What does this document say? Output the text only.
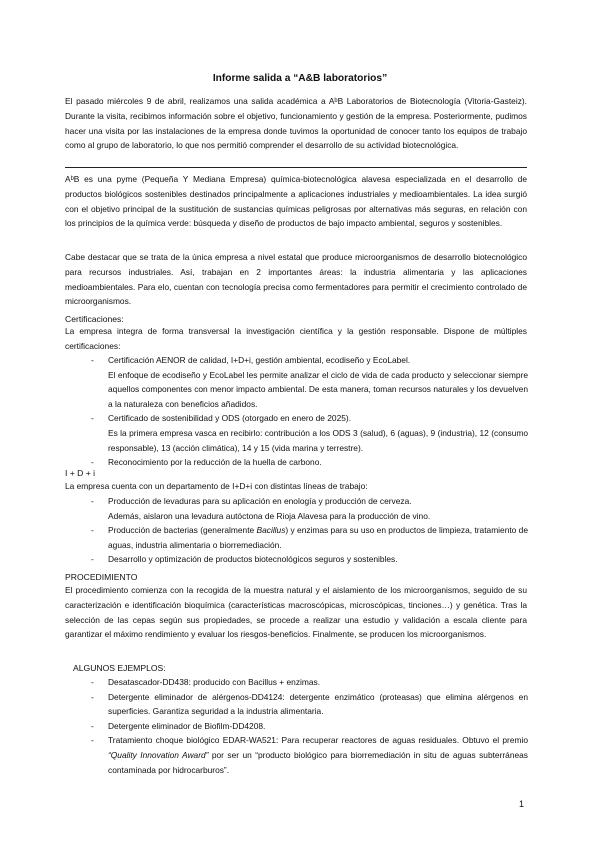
Informe salida a “A&B laboratorios”

El pasado miércoles 9 de abril, realizamos una salida académica a AᵇB Laboratorios de Biotecnología (Vitoria-Gasteiz). Durante la visita, recibimos información sobre el objetivo, funcionamiento y gestión de la empresa. Posteriormente, pudimos hacer una visita por las instalaciones de la empresa donde tuvimos la oportunidad de conocer tanto los equipos de trabajo como al grupo de laboratorio, lo que nos permitió comprender el desarrollo de su actividad biotecnológica.

AᵇB es una pyme (Pequeña Y Mediana Empresa) química-biotecnológica alavesa especializada en el desarrollo de productos biológicos sostenibles destinados principalmente a aplicaciones industriales y medioambientales. La idea surgió con el objetivo principal de la sustitución de sustancias químicas peligrosas por alternativas más seguras, en relación con los principios de la química verde: búsqueda y diseño de productos de bajo impacto ambiental, seguros y sostenibles.

Cabe destacar que se trata de la única empresa a nivel estatal que produce microorganismos de desarrollo biotecnológico para recursos industriales. Así, trabajan en 2 importantes áreas: la industria alimentaria y las aplicaciones medioambientales. Para elo, cuentan con tecnología precisa como fermentadores para permitir el crecimiento controlado de microorganismos.

Certificaciones:

La empresa integra de forma transversal la investigación científica y la gestión responsable. Dispone de múltiples certificaciones:

- Certificación AENOR de calidad, I+D+i, gestión ambiental, ecodiseño y EcoLabel.
El enfoque de ecodiseño y EcoLabel les permite analizar el ciclo de vida de cada producto y seleccionar siempre aquellos componentes con menor impacto ambiental. De esta manera, toman recursos naturales y los devuelven a la naturaleza con beneficios añadidos.
- Certificado de sostenibilidad y ODS (otorgado en enero de 2025).
Es la primera empresa vasca en recibirlo: contribución a los ODS 3 (salud), 6 (aguas), 9 (industria), 12 (consumo responsable), 13 (acción climática), 14 y 15 (vida marina y terrestre).
- Reconocimiento por la reducción de la huella de carbono.

I + D + i

La empresa cuenta con un departamento de I+D+i con distintas líneas de trabajo:

- Producción de levaduras para su aplicación en enología y producción de cerveza.
Además, aislaron una levadura autóctona de Rioja Alavesa para la producción de vino.
- Producción de bacterias (generalmente Bacillus) y enzimas para su uso en productos de limpieza, tratamiento de aguas, industria alimentaria o biorremediación.
- Desarrollo y optimización de productos biotecnológicos seguros y sostenibles.

PROCEDIMIENTO

El procedimiento comienza con la recogida de la muestra natural y el aislamiento de los microorganismos, seguido de su caracterización e identificación bioquímica (características macroscópicas, microscópicas, tinciones…) y genética. Tras la selección de las cepas según sus propiedades, se procede a realizar una estudio y validación a escala cliente para garantizar el máximo rendimiento y evaluar los riesgos-beneficios. Finalmente, se producen los microorganismos.

ALGUNOS EJEMPLOS:

- Desatascador-DD438: producido con Bacillus + enzimas.
- Detergente eliminador de alérgenos-DD4124: detergente enzimático (proteasas) que elimina alérgenos en superficies. Garantiza seguridad a la industria alimentaria.
- Detergente eliminador de Biofilm-DD4208.
- Tratamiento choque biológico EDAR-WA521: Para recuperar reactores de aguas residuales. Obtuvo el premio “Quality Innovation Award” por ser un “producto biológico para biorremediación in situ de aguas subterráneas contaminada por hidrocarburos”.
1
